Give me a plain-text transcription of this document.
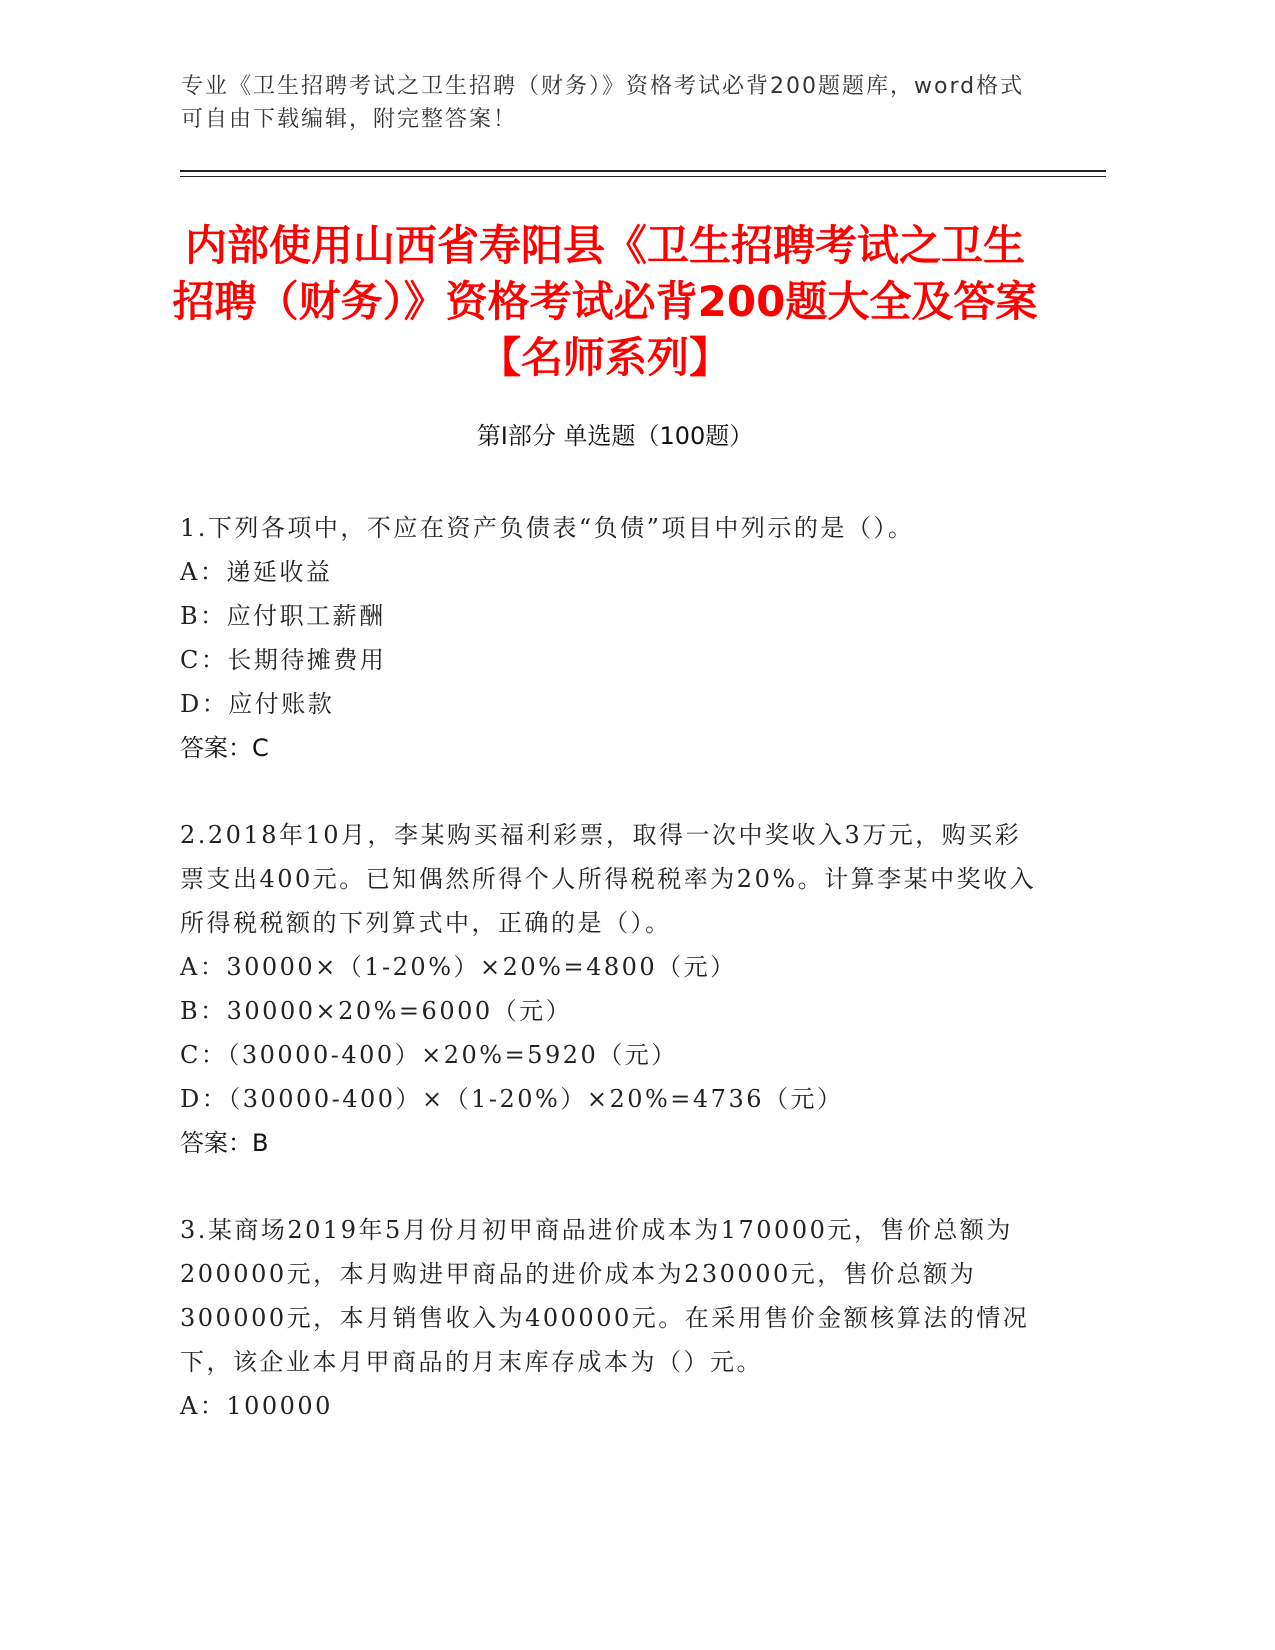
专业《卫生招聘考试之卫生招聘（财务）》资格考试必背200题题库，word格式可自由下载编辑，附完整答案！
内部使用山西省寿阳县《卫生招聘考试之卫生招聘（财务）》资格考试必背200题大全及答案【名师系列】
第I部分 单选题（100题）

1.下列各项中，不应在资产负债表“负债”项目中列示的是（）。

A：递延收益

B：应付职工薪酬

C：长期待摊费用

D：应付账款

答案：C

2.2018年10月，李某购买福利彩票，取得一次中奖收入3万元，购买彩票支出400元。已知偶然所得个人所得税税率为20%。计算李某中奖收入所得税税额的下列算式中，正确的是（）。

A：30000×（1-20%）×20%=4800（元）

B：30000×20%=6000（元）

C：（30000-400）×20%=5920（元）

D：（30000-400）×（1-20%）×20%=4736（元）

答案：B

3.某商场2019年5月份月初甲商品进价成本为170000元，售价总额为200000元，本月购进甲商品的进价成本为230000元，售价总额为300000元，本月销售收入为400000元。在采用售价金额核算法的情况下，该企业本月甲商品的月末库存成本为（）元。

A：100000
